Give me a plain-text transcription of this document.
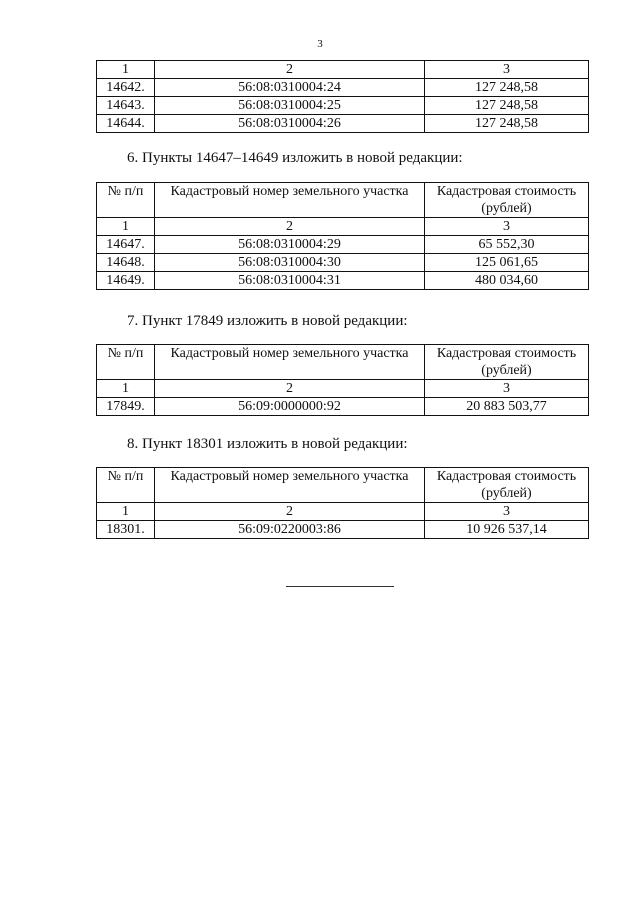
3
1	2	3
14642.	56:08:0310004:24	127 248,58
14643.	56:08:0310004:25	127 248,58
14644.	56:08:0310004:26	127 248,58
6. Пункты 14647–14649 изложить в новой редакции:
№ п/п	Кадастровый номер земельного участка	Кадастровая стоимость
(рублей)
1	2	3
14647.	56:08:0310004:29	65 552,30
14648.	56:08:0310004:30	125 061,65
14649.	56:08:0310004:31	480 034,60
7. Пункт 17849 изложить в новой редакции:
№ п/п	Кадастровый номер земельного участка	Кадастровая стоимость
(рублей)
1	2	3
17849.	56:09:0000000:92	20 883 503,77
8. Пункт 18301 изложить в новой редакции:
№ п/п	Кадастровый номер земельного участка	Кадастровая стоимость
(рублей)
1	2	3
18301.	56:09:0220003:86	10 926 537,14
